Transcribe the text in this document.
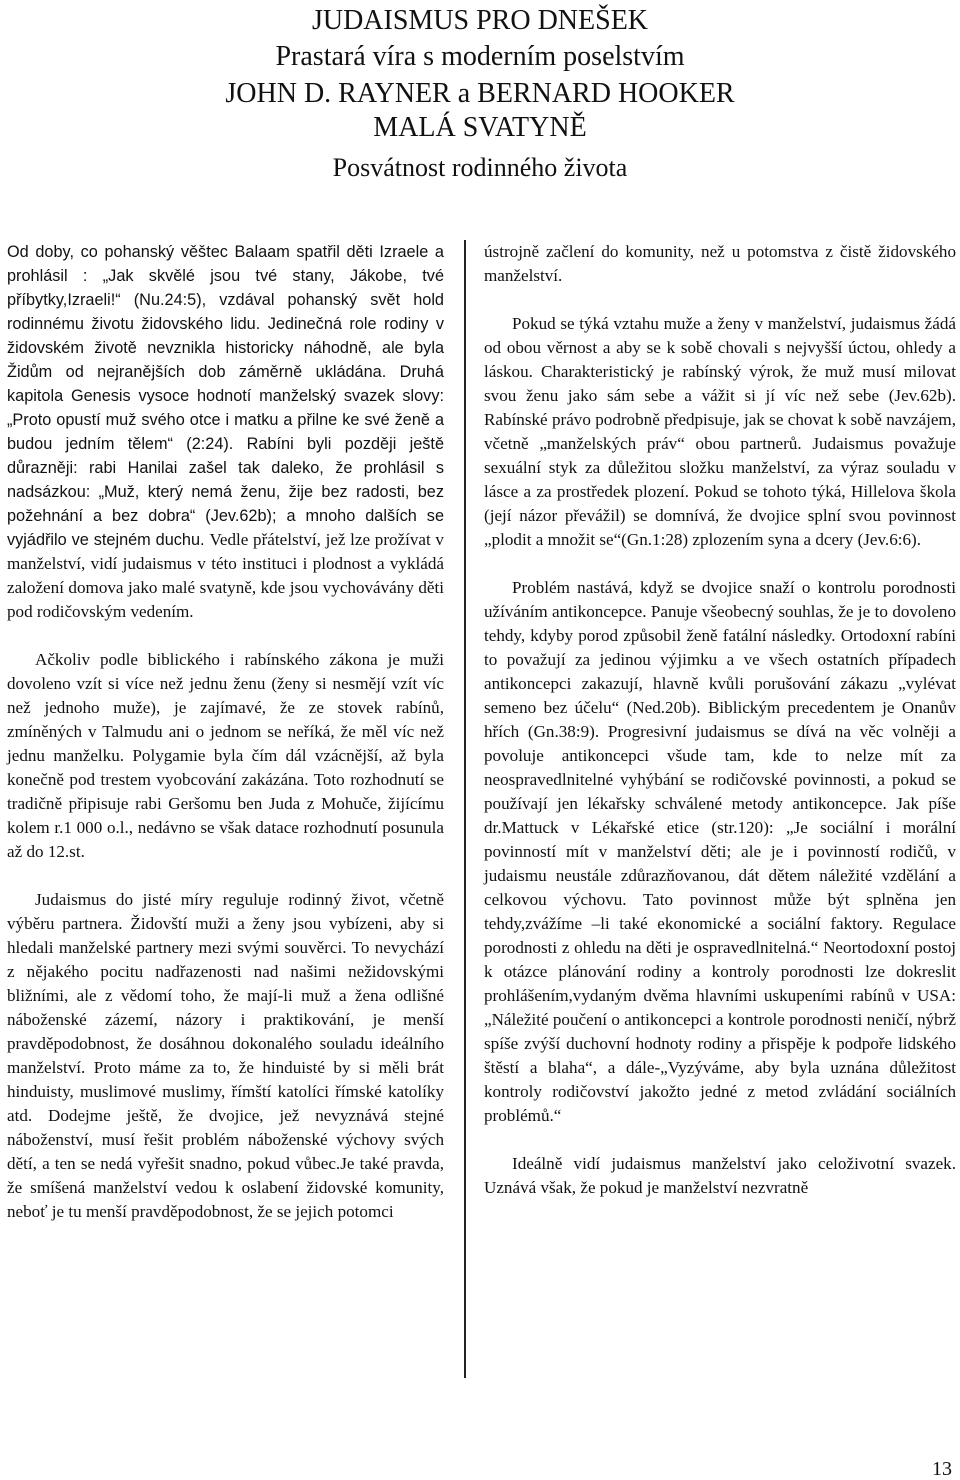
JUDAISMUS PRO DNEŠEK
Prastará víra s moderním poselstvím
JOHN D. RAYNER a BERNARD HOOKER
MALÁ SVATYNĚ
Posvátnost rodinného života

Od doby, co pohanský věštec Balaam spatřil děti Izraele a prohlásil : „Jak skvělé jsou tvé stany, Jákobe, tvé příbytky,Izraeli!“ (Nu.24:5), vzdával pohanský svět hold rodinnému životu židovského lidu. Jedinečná role rodiny v židovském životě nevznikla historicky náhodně, ale byla Židům od nejranějších dob záměrně ukládána. Druhá kapitola Genesis vysoce hodnotí manželský svazek slovy: „Proto opustí muž svého otce i matku a přilne ke své ženě a budou jedním tělem“ (2:24). Rabíni byli později ještě důrazněji: rabi Hanilai zašel tak daleko, že prohlásil s nadsázkou: „Muž, který nemá ženu, žije bez radosti, bez požehnání a bez dobra“ (Jev.62b); a mnoho dalších se vyjádřilo ve stejném duchu. Vedle přátelství, jež lze prožívat v manželství, vidí judaismus v této instituci i plodnost a vykládá založení domova jako malé svatyně, kde jsou vychovávány děti pod rodičovským vedením.

Ačkoliv podle biblického i rabínského zákona je muži dovoleno vzít si více než jednu ženu (ženy si nesmějí vzít víc než jednoho muže), je zajímavé, že ze stovek rabínů, zmíněných v Talmudu ani o jednom se neříká, že měl víc než jednu manželku. Polygamie byla čím dál vzácnější, až byla konečně pod trestem vyobcování zakázána. Toto rozhodnutí se tradičně připisuje rabi Geršomu ben Juda z Mohuče, žijícímu kolem r.1 000 o.l., nedávno se však datace rozhodnutí posunula až do 12.st.

Judaismus do jisté míry reguluje rodinný život, včetně výběru partnera. Židovští muži a ženy jsou vybízeni, aby si hledali manželské partnery mezi svými souvěrci. To nevychází z nějakého pocitu nadřazenosti nad našimi nežidovskými bližními, ale z vědomí toho, že mají-li muž a žena odlišné náboženské zázemí, názory i praktikování, je menší pravděpodobnost, že dosáhnou dokonalého souladu ideálního manželství. Proto máme za to, že hinduisté by si měli brát hinduisty, muslimové muslimy, římští katolíci římské katolíky atd. Dodejme ještě, že dvojice, jež nevyznává stejné náboženství, musí řešit problém náboženské výchovy svých dětí, a ten se nedá vyřešit snadno, pokud vůbec.Je také pravda, že smíšená manželství vedou k oslabení židovské komunity, neboť je tu menší pravděpodobnost, že se jejich potomci

ústrojně začlení do komunity, než u potomstva z čistě židovského manželství.

Pokud se týká vztahu muže a ženy v manželství, judaismus žádá od obou věrnost a aby se k sobě chovali s nejvyšší úctou, ohledy a láskou. Charakteristický je rabínský výrok, že muž musí milovat svou ženu jako sám sebe a vážit si jí víc než sebe (Jev.62b). Rabínské právo podrobně předpisuje, jak se chovat k sobě navzájem, včetně „manželských práv“ obou partnerů. Judaismus považuje sexuální styk za důležitou složku manželství, za výraz souladu v lásce a za prostředek plození. Pokud se tohoto týká, Hillelova škola (její názor převážil) se domnívá, že dvojice splní svou povinnost „plodit a množit se“(Gn.1:28) zplozením syna a dcery (Jev.6:6).

Problém nastává, když se dvojice snaží o kontrolu porodnosti užíváním antikoncepce. Panuje všeobecný souhlas, že je to dovoleno tehdy, kdyby porod způsobil ženě fatální následky. Ortodoxní rabíni to považují za jedinou výjimku a ve všech ostatních případech antikoncepci zakazují, hlavně kvůli porušování zákazu „vylévat semeno bez účelu“ (Ned.20b). Biblickým precedentem je Onanův hřích (Gn.38:9). Progresivní judaismus se dívá na věc volněji a povoluje antikoncepci všude tam, kde to nelze mít za neospravedlnitelné vyhýbání se rodičovské povinnosti, a pokud se používají jen lékařsky schválené metody antikoncepce. Jak píše dr.Mattuck v Lékařské etice (str.120): „Je sociální i morální povinností mít v manželství děti; ale je i povinností rodičů, v judaismu neustále zdůrazňovanou, dát dětem náležité vzdělání a celkovou výchovu. Tato povinnost může být splněna jen tehdy,zvážíme –li také ekonomické a sociální faktory. Regulace porodnosti z ohledu na děti je ospravedlnitelná.“ Neortodoxní postoj k otázce plánování rodiny a kontroly porodnosti lze dokreslit prohlášením,vydaným dvěma hlavními uskupeními rabínů v USA: „Náležité poučení o antikoncepci a kontrole porodnosti neničí, nýbrž spíše zvýší duchovní hodnoty rodiny a přispěje k podpoře lidského štěstí a blaha“, a dále-„Vyzýváme, aby byla uznána důležitost kontroly rodičovství jakožto jedné z metod zvládání sociálních problémů.“

Ideálně vidí judaismus manželství jako celoživotní svazek. Uznává však, že pokud je manželství nezvratně

13
